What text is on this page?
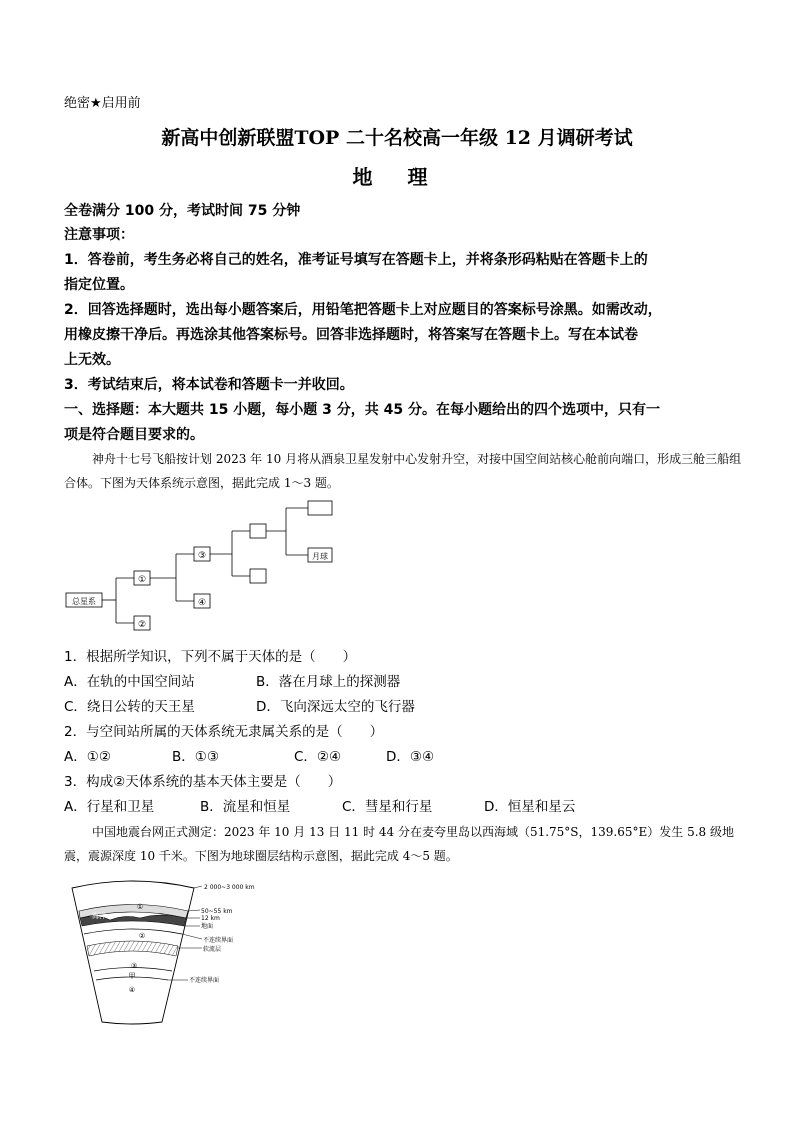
绝密★启用前
新高中创新联盟TOP 二十名校高一年级 12 月调研考试
地 理
全卷满分 100 分，考试时间 75 分钟
注意事项：
1．答卷前，考生务必将自己的姓名，准考证号填写在答题卡上，并将条形码粘贴在答题卡上的
指定位置。
2．回答选择题时，选出每小题答案后，用铅笔把答题卡上对应题目的答案标号涂黑。如需改动，
用橡皮擦干净后。再选涂其他答案标号。回答非选择题时，将答案写在答题卡上。写在本试卷
上无效。
3．考试结束后，将本试卷和答题卡一并收回。
一、选择题：本大题共 15 小题，每小题 3 分，共 45 分。在每小题给出的四个选项中，只有一
项是符合题目要求的。
神舟十七号飞船按计划 2023 年 10 月将从酒泉卫星发射中心发射升空，对接中国空间站核心舱前向端口，形成三舱三船组合体。下图为天体系统示意图，据此完成 1～3 题。
总星系
①
②
③
④
月球
1．根据所学知识，下列不属于天体的是（　　）
A．在轨的中国空间站	B．落在月球上的探测器
C．绕日公转的天王星	D．飞向深远太空的飞行器
2．与空间站所属的天体系统无隶属关系的是（　　）
A．①②	B．①③	C．②④	D．③④
3．构成②天体系统的基本天体主要是（　　）
A．行星和卫星	B．流星和恒星	C．彗星和行星	D．恒星和星云
中国地震台网正式测定：2023 年 10 月 13 日 11 时 44 分在麦夸里岛以西海域（51.75°S，139.65°E）发生 5.8 级地震，震源深度 10 千米。下图为地球圈层结构示意图，据此完成 4～5 题。
2 000~3 000 km
50~55 km
12 km
地面
不连续界面
软流层
不连续界面
海洋
①
②
③
甲
④
